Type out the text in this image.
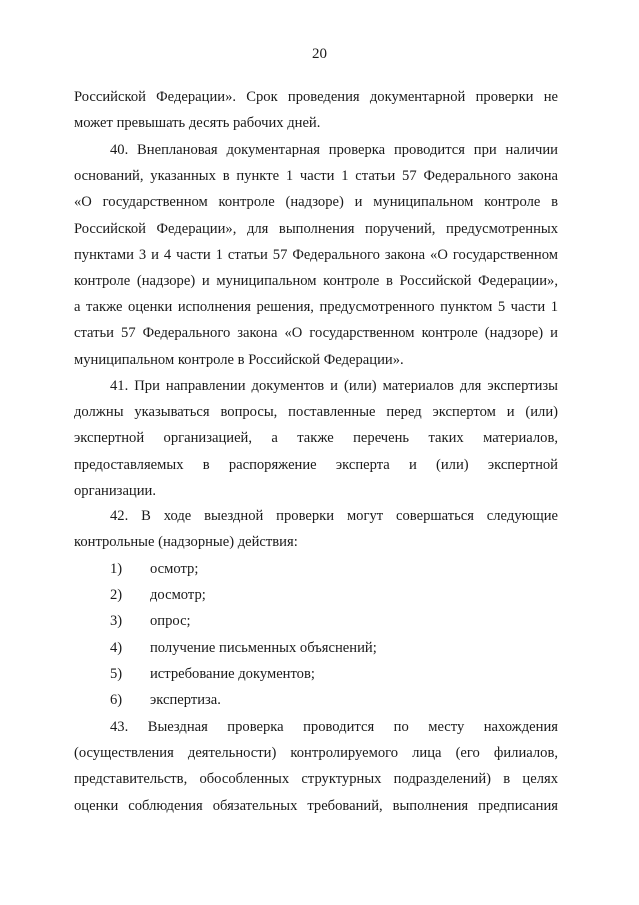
20
Российской Федерации». Срок проведения документарной проверки не
может превышать десять рабочих дней.
40. Внеплановая документарная проверка проводится при наличии
оснований, указанных в пункте 1 части 1 статьи 57 Федерального закона
«О государственном контроле (надзоре) и муниципальном контроле в
Российской Федерации», для выполнения поручений, предусмотренных
пунктами 3 и 4 части 1 статьи 57 Федерального закона «О государственном
контроле (надзоре) и муниципальном контроле в Российской Федерации»,
а также оценки исполнения решения, предусмотренного пунктом 5 части 1
статьи 57 Федерального закона «О государственном контроле (надзоре) и
муниципальном контроле в Российской Федерации».
41. При направлении документов и (или) материалов для экспертизы
должны указываться вопросы, поставленные перед экспертом и (или)
экспертной организацией, а также перечень таких материалов,
предоставляемых в распоряжение эксперта и (или) экспертной
организации.
42. В ходе выездной проверки могут совершаться следующие
контрольные (надзорные) действия:
1) осмотр;
2) досмотр;
3) опрос;
4) получение письменных объяснений;
5) истребование документов;
6) экспертиза.
43. Выездная проверка проводится по месту нахождения
(осуществления деятельности) контролируемого лица (его филиалов,
представительств, обособленных структурных подразделений) в целях
оценки соблюдения обязательных требований, выполнения предписания
